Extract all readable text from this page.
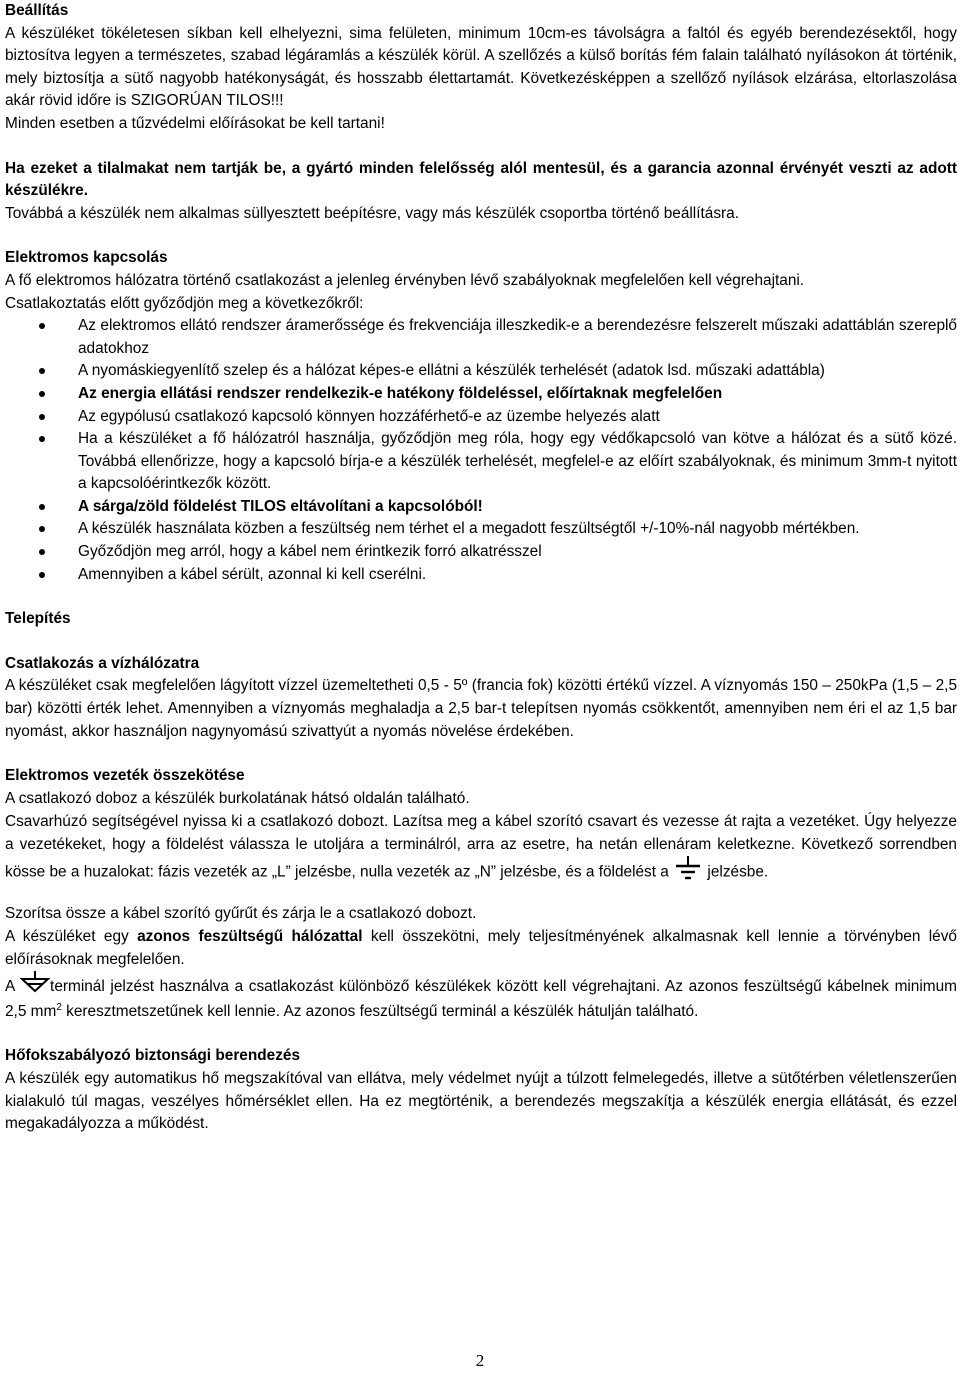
Beállítás

A készüléket tökéletesen síkban kell elhelyezni, sima felületen, minimum 10cm-es távolságra a faltól és egyéb berendezésektől, hogy biztosítva legyen a természetes, szabad légáramlás a készülék körül. A szellőzés a külső borítás fém falain található nyílásokon át történik, mely biztosítja a sütő nagyobb hatékonyságát, és hosszabb élettartamát. Következésképpen a szellőző nyílások elzárása, eltorlaszolása akár rövid időre is SZIGORÚAN TILOS!!!

Minden esetben a tűzvédelmi előírásokat be kell tartani!

Ha ezeket a tilalmakat nem tartják be, a gyártó minden felelősség alól mentesül, és a garancia azonnal érvényét veszti az adott készülékre.

Továbbá a készülék nem alkalmas süllyesztett beépítésre, vagy más készülék csoportba történő beállításra.

Elektromos kapcsolás

A fő elektromos hálózatra történő csatlakozást a jelenleg érvényben lévő szabályoknak megfelelően kell végrehajtani.

Csatlakoztatás előtt győződjön meg a következőkről:

Az elektromos ellátó rendszer áramerőssége és frekvenciája illeszkedik-e a berendezésre felszerelt műszaki adattáblán szereplő adatokhoz
A nyomáskiegyenlítő szelep és a hálózat képes-e ellátni a készülék terhelését (adatok lsd. műszaki adattábla)
Az energia ellátási rendszer rendelkezik-e hatékony földeléssel, előírtaknak megfelelően
Az egypólusú csatlakozó kapcsoló könnyen hozzáférhető-e az üzembe helyezés alatt
Ha a készüléket a fő hálózatról használja, győződjön meg róla, hogy egy védőkapcsoló van kötve a hálózat és a sütő közé. Továbbá ellenőrizze, hogy a kapcsoló bírja-e a készülék terhelését, megfelel-e az előírt szabályoknak, és minimum 3mm-t nyitott a kapcsolóérintkezők között.
A sárga/zöld földelést TILOS eltávolítani a kapcsolóból!
A készülék használata közben a feszültség nem térhet el a megadott feszültségtől +/-10%-nál nagyobb mértékben.
Győződjön meg arról, hogy a kábel nem érintkezik forró alkatrésszel
Amennyiben a kábel sérült, azonnal ki kell cserélni.

Telepítés

Csatlakozás a vízhálózatra

A készüléket csak megfelelően lágyított vízzel üzemeltetheti 0,5 - 5º (francia fok) közötti értékű vízzel. A víznyomás 150 – 250kPa (1,5 – 2,5 bar) közötti érték lehet. Amennyiben a víznyomás meghaladja a 2,5 bar-t telepítsen nyomás csökkentőt, amennyiben nem éri el az 1,5 bar nyomást, akkor használjon nagynyomású szivattyút a nyomás növelése érdekében.

Elektromos vezeték összekötése

A csatlakozó doboz a készülék burkolatának hátsó oldalán található.

Csavarhúzó segítségével nyissa ki a csatlakozó dobozt. Lazítsa meg a kábel szorító csavart és vezesse át rajta a vezetéket. Úgy helyezze a vezetékeket, hogy a földelést válassza le utoljára a terminálról, arra az esetre, ha netán ellenáram keletkezne. Következő sorrendben kösse be a huzalokat: fázis vezeték az „L” jelzésbe, nulla vezeték az „N” jelzésbe, és a földelést a  jelzésbe.

Szorítsa össze a kábel szorító gyűrűt és zárja le a csatlakozó dobozt.

A készüléket egy azonos feszültségű hálózattal kell összekötni, mely teljesítményének alkalmasnak kell lennie a törvényben lévő előírásoknak megfelelően.

A terminál jelzést használva a csatlakozást különböző készülékek között kell végrehajtani. Az azonos feszültségű kábelnek minimum 2,5 $mm^2$ keresztmetszetűnek kell lennie. Az azonos feszültségű terminál a készülék hátulján található.

Hőfokszabályozó biztonsági berendezés

A készülék egy automatikus hő megszakítóval van ellátva, mely védelmet nyújt a túlzott felmelegedés, illetve a sütőtérben véletlenszerűen kialakuló túl magas, veszélyes hőmérséklet ellen. Ha ez megtörténik, a berendezés megszakítja a készülék energia ellátását, és ezzel megakadályozza a működést.

2
